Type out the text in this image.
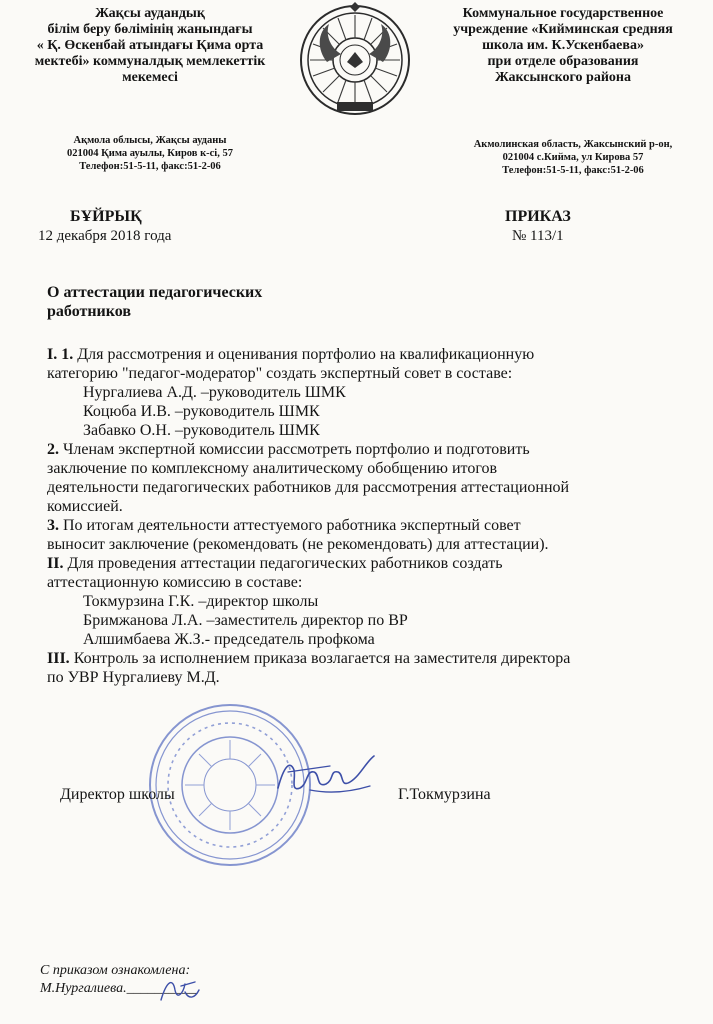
Жақсы аудандық
білім беру бөлімінің жанындағы
« Қ. Өскенбай атындағы Қима орта
мектебі» коммуналдық мемлекеттік
мекемесі
Ақмола облысы, Жақсы ауданы
021004 Қима ауылы, Киров к-сі, 57
Телефон:51-5-11, факс:51-2-06
Коммунальное государственное
учреждение «Кийминская средняя
школа им. К.Ускенбаева»
при отделе образования
Жаксынского района
Акмолинская область, Жаксынский р-он,
021004 с.Кийма, ул Кирова 57
Телефон:51-5-11, факс:51-2-06
БҰЙРЫҚ
12 декабря 2018 года
ПРИКАЗ
№ 113/1
О аттестации педагогических
работников
I. 1. Для рассмотрения и оценивания портфолио на квалификационную
категорию "педагог-модератор" создать экспертный совет в составе:
Нургалиева А.Д. –руководитель ШМК
Коцюба И.В. –руководитель ШМК
Забавко О.Н. –руководитель ШМК
2. Членам экспертной комиссии рассмотреть портфолио и подготовить
заключение по комплексному аналитическому обобщению итогов
деятельности педагогических работников для рассмотрения аттестационной
комиссией.
3. По итогам деятельности аттестуемого работника экспертный совет
выносит заключение (рекомендовать (не рекомендовать) для аттестации).
II. Для проведения аттестации педагогических работников создать
аттестационную комиссию в составе:
Токмурзина Г.К. –директор школы
Бримжанова Л.А. –заместитель директор по ВР
Алшимбаева Ж.З.- председатель профкома
III. Контроль за исполнением приказа возлагается на заместителя директора
по УВР Нургалиеву М.Д.
Директор школы	Г.Токмурзина
С приказом ознакомлена:
М.Нургалиева.__________
